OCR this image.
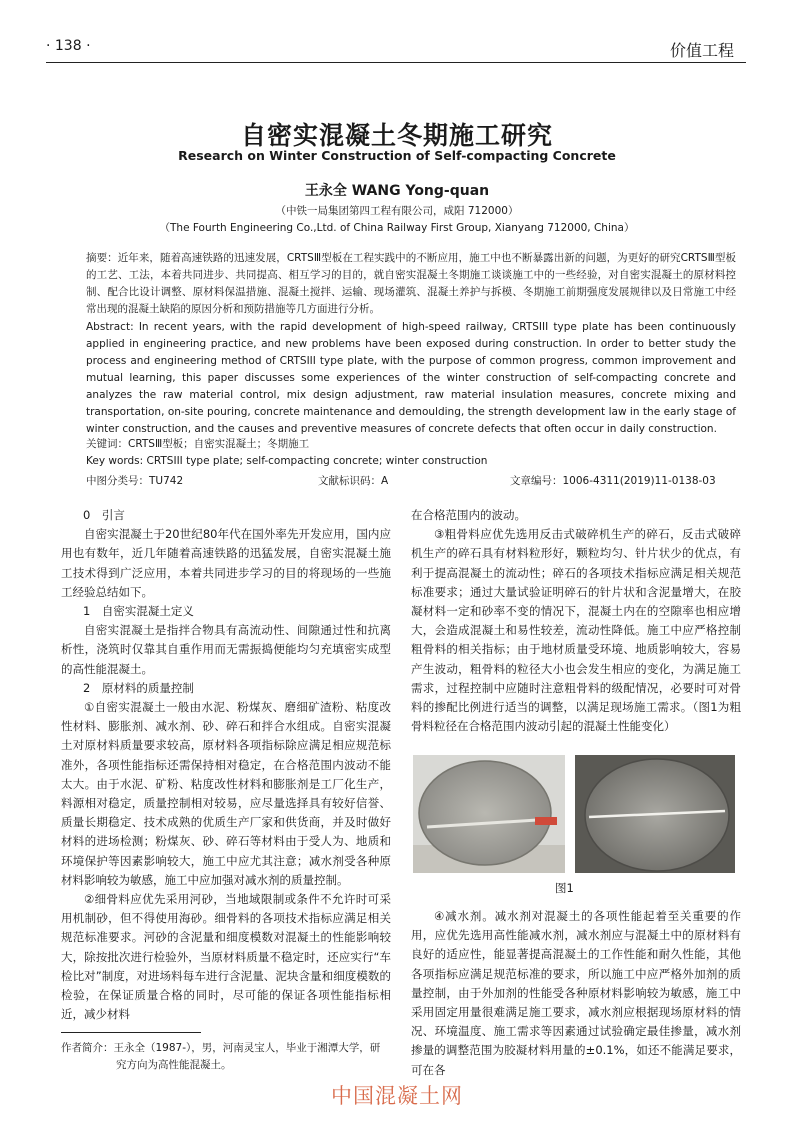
· 138 ·	价值工程
自密实混凝土冬期施工研究
Research on Winter Construction of Self-compacting Concrete
王永全 WANG Yong-quan
（中铁一局集团第四工程有限公司，咸阳 712000）
（The Fourth Engineering Co.,Ltd. of China Railway First Group, Xianyang 712000, China）
摘要：近年来，随着高速铁路的迅速发展，CRTSⅢ型板在工程实践中的不断应用，施工中也不断暴露出新的问题，为更好的研究CRTSⅢ型板的工艺、工法，本着共同进步、共同提高、相互学习的目的，就自密实混凝土冬期施工谈谈施工中的一些经验，对自密实混凝土的原材料控制、配合比设计调整、原材料保温措施、混凝土搅拌、运输、现场灌筑、混凝土养护与拆模、冬期施工前期强度发展规律以及日常施工中经常出现的混凝土缺陷的原因分析和预防措施等几方面进行分析。
Abstract: In recent years, with the rapid development of high-speed railway, CRTSIII type plate has been continuously applied in engineering practice, and new problems have been exposed during construction. In order to better study the process and engineering method of CRTSIII type plate, with the purpose of common progress, common improvement and mutual learning, this paper discusses some experiences of the winter construction of self-compacting concrete and analyzes the raw material control, mix design adjustment, raw material insulation measures, concrete mixing and transportation, on-site pouring, concrete maintenance and demoulding, the strength development law in the early stage of winter construction, and the causes and preventive measures of concrete defects that often occur in daily construction.
关键词：CRTSⅢ型板；自密实混凝土；冬期施工
Key words: CRTSIII type plate; self-compacting concrete; winter construction
中图分类号：TU742	文献标识码：A	文章编号：1006-4311(2019)11-0138-03

0　引言

自密实混凝土于20世纪80年代在国外率先开发应用，国内应用也有数年，近几年随着高速铁路的迅猛发展，自密实混凝土施工技术得到广泛应用，本着共同进步学习的目的将现场的一些施工经验总结如下。

1　自密实混凝土定义

自密实混凝土是指拌合物具有高流动性、间隙通过性和抗离析性，浇筑时仅靠其自重作用而无需振捣便能均匀充填密实成型的高性能混凝土。

2　原材料的质量控制

①自密实混凝土一般由水泥、粉煤灰、磨细矿渣粉、粘度改性材料、膨胀剂、减水剂、砂、碎石和拌合水组成。自密实混凝土对原材料质量要求较高，原材料各项指标除应满足相应规范标准外，各项性能指标还需保持相对稳定，在合格范围内波动不能太大。由于水泥、矿粉、粘度改性材料和膨胀剂是工厂化生产，料源相对稳定，质量控制相对较易，应尽量选择具有较好信誉、质量长期稳定、技术成熟的优质生产厂家和供货商，并及时做好材料的进场检测；粉煤灰、砂、碎石等材料由于受人为、地质和环境保护等因素影响较大，施工中应尤其注意；减水剂受各种原材料影响较为敏感，施工中应加强对减水剂的质量控制。

②细骨料应优先采用河砂，当地域限制或条件不允许时可采用机制砂，但不得使用海砂。细骨料的各项技术指标应满足相关规范标准要求。河砂的含泥量和细度模数对混凝土的性能影响较大，除按批次进行检验外，当原材料质量不稳定时，还应实行“车检比对”制度，对进场料每车进行含泥量、泥块含量和细度模数的检验，在保证质量合格的同时，尽可能的保证各项性能指标相近，减少材料

在合格范围内的波动。

③粗骨料应优先选用反击式破碎机生产的碎石，反击式破碎机生产的碎石具有材料粒形好，颗粒均匀、针片状少的优点，有利于提高混凝土的流动性；碎石的各项技术指标应满足相关规范标准要求；通过大量试验证明碎石的针片状和含泥量增大，在胶凝材料一定和砂率不变的情况下，混凝土内在的空隙率也相应增大，会造成混凝土和易性较差，流动性降低。施工中应严格控制粗骨料的相关指标；由于地材质量受环境、地质影响较大，容易产生波动，粗骨料的粒径大小也会发生相应的变化，为满足施工需求，过程控制中应随时注意粗骨料的级配情况，必要时可对骨料的掺配比例进行适当的调整，以满足现场施工需求。（图1为粗骨料粒径在合格范围内波动引起的混凝土性能变化）

图1

④减水剂。减水剂对混凝土的各项性能起着至关重要的作用，应优先选用高性能减水剂，减水剂应与混凝土中的原材料有良好的适应性，能显著提高混凝土的工作性能和耐久性能，其他各项指标应满足规范标准的要求，所以施工中应严格外加剂的质量控制，由于外加剂的性能受各种原材料影响较为敏感，施工中采用固定用量很难满足施工要求，减水剂应根据现场原材料的情况、环境温度、施工需求等因素通过试验确定最佳掺量，减水剂掺量的调整范围为胶凝材料用量的±0.1%，如还不能满足要求，可在各

作者简介：王永全（1987-），男，河南灵宝人，毕业于湘潭大学，研
究方向为高性能混凝土。
中国混凝土网
